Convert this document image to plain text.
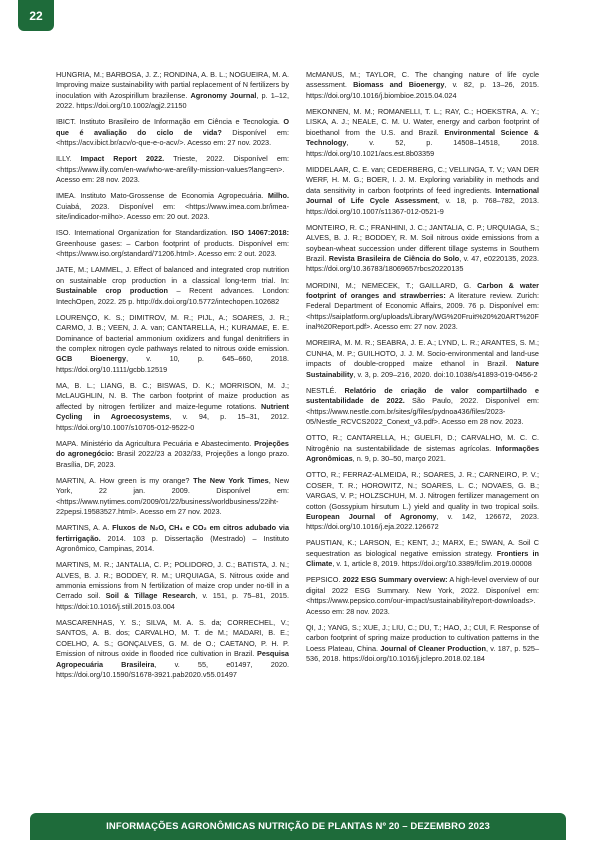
22

HUNGRIA, M.; BARBOSA, J. Z.; RONDINA, A. B. L.; NOGUEIRA, M. A. Improving maize sustainability with partial replacement of N fertilizers by inoculation with Azospirillum brazilense. Agronomy Journal, p. 1–12, 2022. https://doi.org/10.1002/agj2.21150

IBICT. Instituto Brasileiro de Informação em Ciência e Tecnologia. O que é avaliação do ciclo de vida? Disponível em: <https://acv.ibict.br/acv/o-que-e-o-acv/>. Acesso em: 27 nov. 2023.

ILLY. Impact Report 2022. Trieste, 2022. Disponível em: <https://www.illy.com/en-ww/who-we-are/illy-mission-values?lang=en>. Acesso em: 28 nov. 2023.

IMEA. Instituto Mato-Grossense de Economia Agropecuária. Milho. Cuiabá, 2023. Disponível em: <https://www.imea.com.br/imea-site/indicador-milho>. Acesso em: 20 out. 2023.

ISO. International Organization for Standardization. ISO 14067:2018: Greenhouse gases: – Carbon footprint of products. Disponível em: <https://www.iso.org/standard/71206.html>. Acesso em: 2 out. 2023.

JATE, M.; LAMMEL, J. Effect of balanced and integrated crop nutrition on sustainable crop production in a classical long-term trial. In: Sustainable crop production – Recent advances. London: IntechOpen, 2022. 25 p. http://dx.doi.org/10.5772/intechopen.102682

LOURENÇO, K. S.; DIMITROV, M. R.; PIJL, A.; SOARES, J. R.; CARMO, J. B.; VEEN, J. A. van; CANTARELLA, H.; KURAMAE, E. E. Dominance of bacterial ammonium oxidizers and fungal denitrifiers in the complex nitrogen cycle pathways related to nitrous oxide emission. GCB Bioenergy, v. 10, p. 645–660, 2018. https://doi.org/10.1111/gcbb.12519

MA, B. L.; LIANG, B. C.; BISWAS, D. K.; MORRISON, M. J.; McLAUGHLIN, N. B. The carbon footprint of maize production as affected by nitrogen fertilizer and maize-legume rotations. Nutrient Cycling in Agroecosystems, v. 94, p. 15–31, 2012. https://doi.org/10.1007/s10705-012-9522-0

MAPA. Ministério da Agricultura Pecuária e Abastecimento. Projeções do agronegócio: Brasil 2022/23 a 2032/33, Projeções a longo prazo. Brasília, DF, 2023.

MARTIN, A. How green is my orange? The New York Times, New York, 22 jan. 2009. Disponível em: <https://www.nytimes.com/2009/01/22/business/worldbusiness/22iht-22pepsi.19583527.html>. Acesso em 27 nov. 2023.

MARTINS, A. A. Fluxos de N₂O, CH₄ e CO₂ em citros adubado via fertirrigação. 2014. 103 p. Dissertação (Mestrado) – Instituto Agronômico, Campinas, 2014.

MARTINS, M. R.; JANTALIA, C. P.; POLIDORO, J. C.; BATISTA, J. N.; ALVES, B. J. R.; BODDEY, R. M.; URQUIAGA, S. Nitrous oxide and ammonia emissions from N fertilization of maize crop under no-till in a Cerrado soil. Soil & Tillage Research, v. 151, p. 75–81, 2015. https://doi:10.1016/j.still.2015.03.004

MASCARENHAS, Y. S.; SILVA, M. A. S. da; CORRECHEL, V.; SANTOS, A. B. dos; CARVALHO, M. T. de M.; MADARI, B. E.; COELHO, A. S.; GONÇALVES, G. M. de O.; CAETANO, P. H. P. Emission of nitrous oxide in flooded rice cultivation in Brazil. Pesquisa Agropecuária Brasileira, v. 55, e01497, 2020. https://doi.org/10.1590/S1678-3921.pab2020.v55.01497

McMANUS, M.; TAYLOR, C. The changing nature of life cycle assessment. Biomass and Bioenergy, v. 82, p. 13–26, 2015. https://doi.org/10.1016/j.biombioe.2015.04.024

MEKONNEN, M. M.; ROMANELLI, T. L.; RAY, C.; HOEKSTRA, A. Y.; LISKA, A. J.; NEALE, C. M. U. Water, energy and carbon footprint of bioethanol from the U.S. and Brazil. Environmental Science & Technology, v. 52, p. 14508–14518, 2018. https://doi.org/10.1021/acs.est.8b03359

MIDDELAAR, C. E. van; CEDERBERG, C.; VELLINGA, T. V.; VAN DER WERF, H. M. G.; BOER, I. J. M. Exploring variability in methods and data sensitivity in carbon footprints of feed ingredients. International Journal of Life Cycle Assessment, v. 18, p. 768–782, 2013. https://doi.org/10.1007/s11367-012-0521-9

MONTEIRO, R. C.; FRANHINI, J. C.; JANTALIA, C. P.; URQUIAGA, S.; ALVES, B. J. R.; BODDEY, R. M. Soil nitrous oxide emissions from a soybean-wheat succession under different tillage systems in Southern Brazil. Revista Brasileira de Ciência do Solo, v. 47, e0220135, 2023. https://doi.org/10.36783/18069657rbcs20220135

MORDINI, M.; NEMECEK, T.; GAILLARD, G. Carbon & water footprint of oranges and strawberries: A literature review. Zurich: Federal Department of Economic Affairs, 2009. 76 p. Disponível em: <https://saiplatform.org/uploads/Library/WG%20Fruit%20%20ART%20Final%20Report.pdf>. Acesso em: 27 nov. 2023.

MOREIRA, M. M. R.; SEABRA, J. E. A.; LYND, L. R.; ARANTES, S. M.; CUNHA, M. P.; GUILHOTO, J. J. M. Socio-environmental and land-use impacts of double-cropped maize ethanol in Brazil. Nature Sustainability, v. 3, p. 209–216, 2020. doi:10.1038/s41893-019-0456-2

NESTLÉ. Relatório de criação de valor compartilhado e sustentabilidade de 2022. São Paulo, 2022. Disponível em: <https://www.nestle.com.br/sites/g/files/pydnoa436/files/2023-05/Nestle_RCVCS2022_Conext_v3.pdf>. Acesso em 28 nov. 2023.

OTTO, R.; CANTARELLA, H.; GUELFI, D.; CARVALHO, M. C. C. Nitrogênio na sustentabilidade de sistemas agrícolas. Informações Agronômicas, n. 9, p. 30–50, março 2021.

OTTO, R.; FERRAZ-ALMEIDA, R.; SOARES, J. R.; CARNEIRO, P. V.; COSER, T. R.; HOROWITZ, N.; SOARES, L. C.; NOVAES, G. B.; VARGAS, V. P.; HOLZSCHUH, M. J. Nitrogen fertilizer management on cotton (Gossypium hirsutum L.) yield and quality in two tropical soils. European Journal of Agronomy, v. 142, 126672, 2023. https://doi.org/10.1016/j.eja.2022.126672

PAUSTIAN, K.; LARSON, E.; KENT, J.; MARX, E.; SWAN, A. Soil C sequestration as biological negative emission strategy. Frontiers in Climate, v. 1, article 8, 2019. https://doi.org/10.3389/fclim.2019.00008

PEPSICO. 2022 ESG Summary overview: A high-level overview of our digital 2022 ESG Summary. New York, 2022. Disponível em: <https://www.pepsico.com/our-impact/sustainability/report-downloads>. Acesso em: 28 nov. 2023.

QI, J.; YANG, S.; XUE, J.; LIU, C.; DU, T.; HAO, J.; CUI, F. Response of carbon footprint of spring maize production to cultivation patterns in the Loess Plateau, China. Journal of Cleaner Production, v. 187, p. 525–536, 2018. https://doi.org/10.1016/j.jclepro.2018.02.184

INFORMAÇÕES AGRONÔMICAS NUTRIÇÃO DE PLANTAS Nº 20 – DEZEMBRO 2023
